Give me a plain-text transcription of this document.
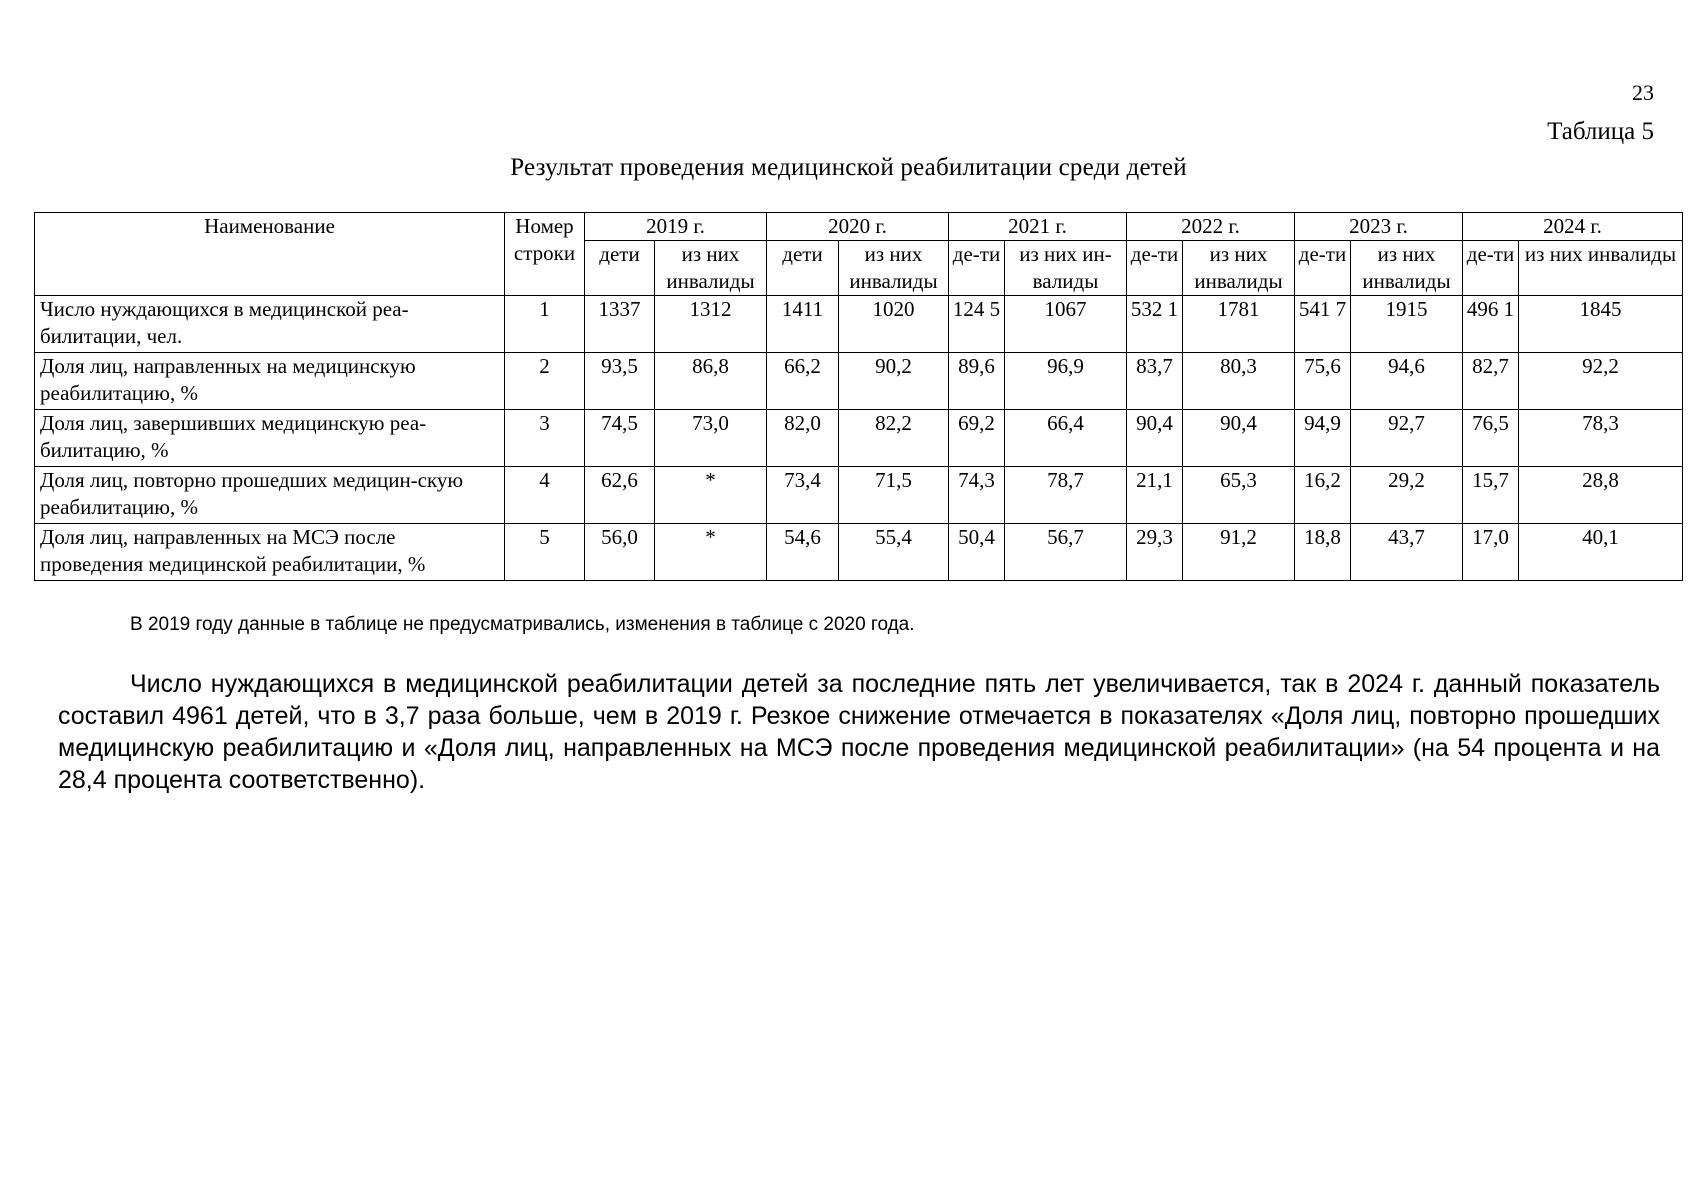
23
Таблица 5
Результат проведения медицинской реабилитации среди детей
Наименование	Номер строки	2019 г.		2020 г.		2021 г.		2022 г.		2023 г.		2024 г.	
		дети	из них инвалиды	дети	из них инвалиды	де-ти	из них ин-валиды	де-ти	из них инвалиды	де-ти	из них инвалиды	де-ти	из них инвалиды
Число нуждающихся в медицинской реа-билитации, чел.	1	1337	1312	1411	1020	124 5	1067	532 1	1781	541 7	1915	496 1	1845
Доля лиц, направленных на медицинскую реабилитацию, %	2	93,5	86,8	66,2	90,2	89,6	96,9	83,7	80,3	75,6	94,6	82,7	92,2
Доля лиц, завершивших медицинскую реа-билитацию, %	3	74,5	73,0	82,0	82,2	69,2	66,4	90,4	90,4	94,9	92,7	76,5	78,3
Доля лиц, повторно прошедших медицин-скую реабилитацию, %	4	62,6	*	73,4	71,5	74,3	78,7	21,1	65,3	16,2	29,2	15,7	28,8
Доля лиц, направленных на МСЭ после проведения медицинской реабилитации, %	5	56,0	*	54,6	55,4	50,4	56,7	29,3	91,2	18,8	43,7	17,0	40,1
В 2019 году данные в таблице не предусматривались, изменения в таблице с 2020 года.
Число нуждающихся в медицинской реабилитации детей за последние пять лет увеличивается, так в 2024 г. данный показатель составил 4961 детей, что в 3,7 раза больше, чем в 2019 г. Резкое снижение отмечается в показателях «Доля лиц, повторно прошедших медицинскую реабилитацию и «Доля лиц, направленных на МСЭ после проведения медицинской реабилитации» (на 54 процента и на 28,4 процента соответственно).
